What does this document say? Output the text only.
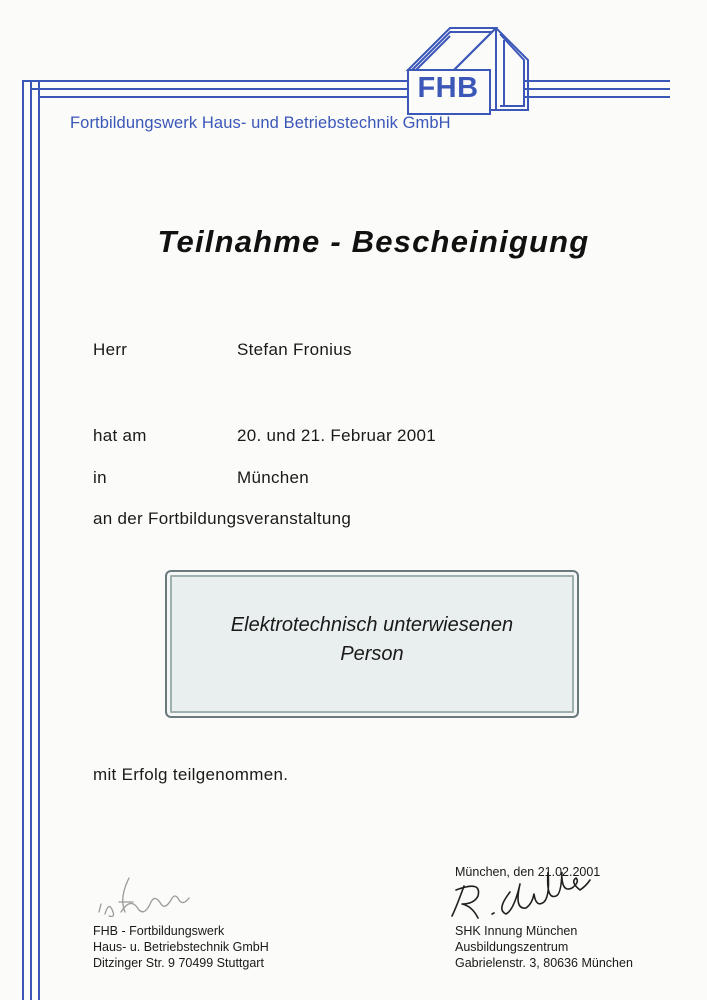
FHB
Fortbildungswerk Haus- und Betriebstechnik GmbH
Teilnahme - Bescheinigung
Herr	Stefan Fronius
hat am	20. und 21. Februar 2001
in	München
an der Fortbildungsveranstaltung
Elektrotechnisch unterwiesenen
Person
mit Erfolg teilgenommen.
FHB - Fortbildungswerk
Haus- u. Betriebstechnik GmbH
Ditzinger Str. 9 70499 Stuttgart
München, den 21.02.2001
SHK Innung München
Ausbildungszentrum
Gabrielenstr. 3, 80636 München
